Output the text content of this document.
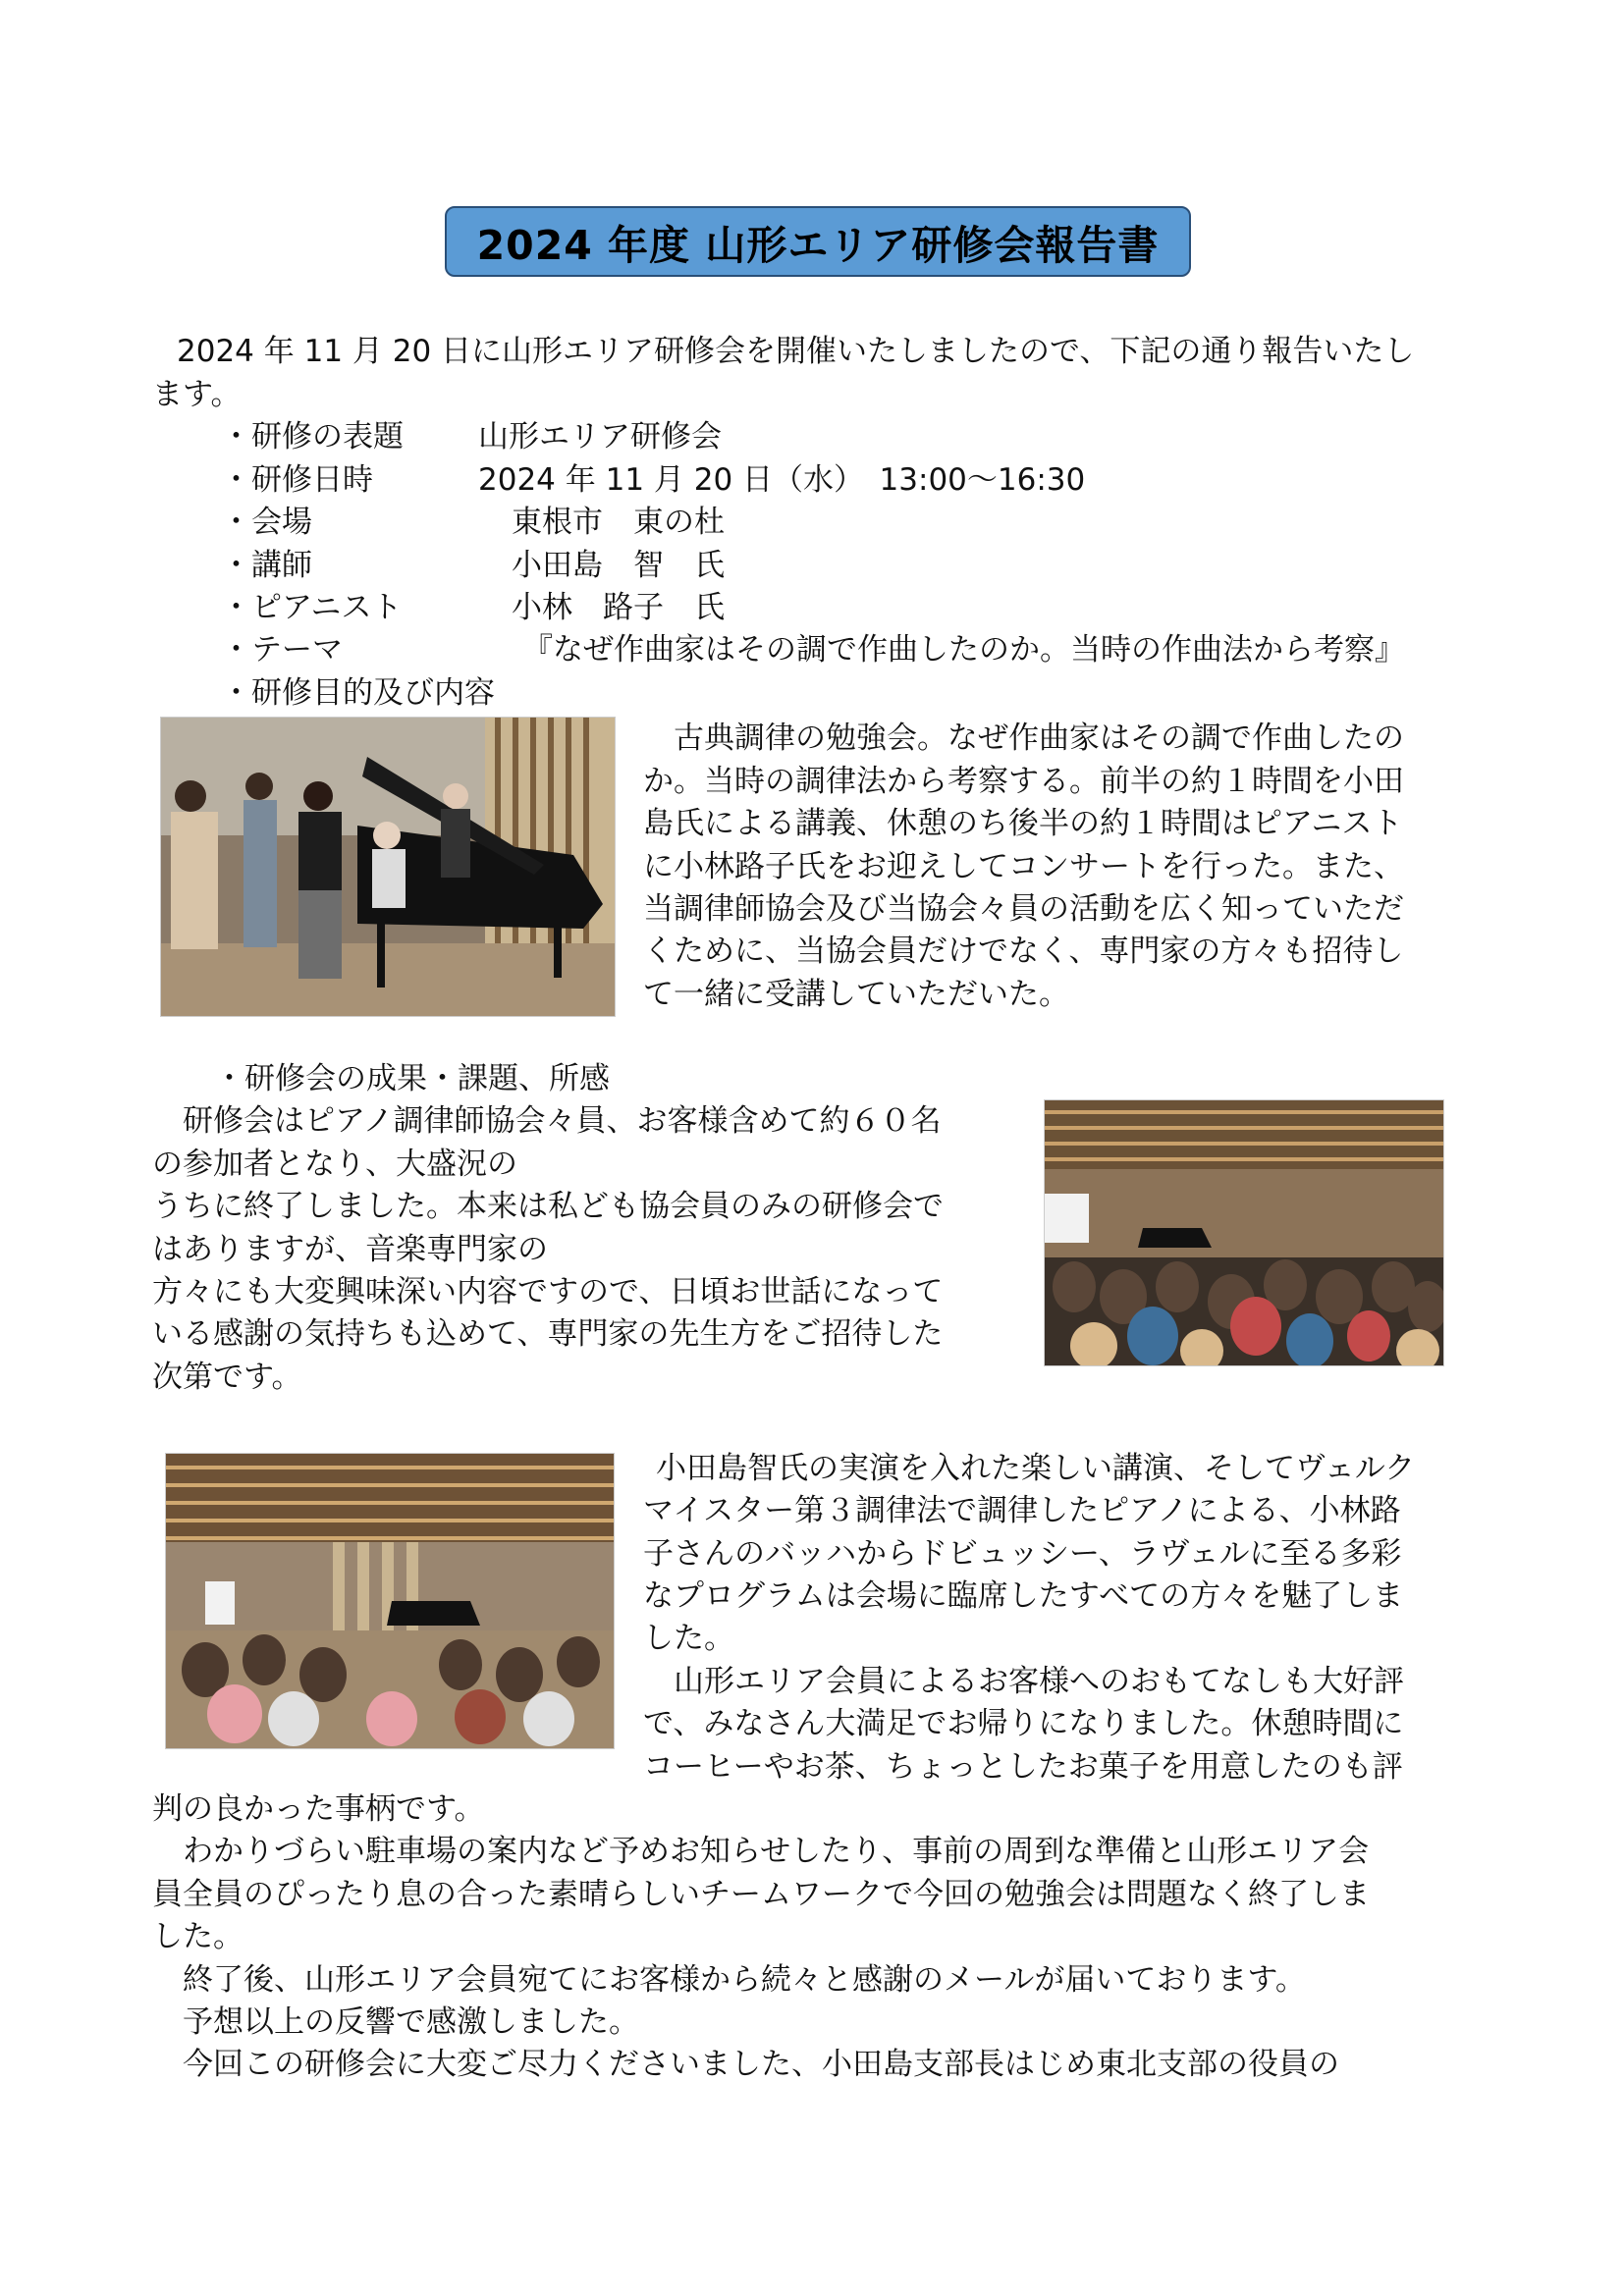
2024 年度 山形エリア研修会報告書
2024 年 11 月 20 日に山形エリア研修会を開催いたしましたので、下記の通り報告いたし
ます。
・研修の表題 山形エリア研修会
・研修日時	2024 年 11 月 20 日（水）　13:00～16:30
・会場	東根市　東の杜
・講師	小田島　智　氏
・ピアニスト	小林　路子　氏
・テーマ	『なぜ作曲家はその調で作曲したのか。当時の作曲法から考察』
・研修目的及び内容
古典調律の勉強会。なぜ作曲家はその調で作曲したの
か。当時の調律法から考察する。前半の約１時間を小田
島氏による講義、休憩のち後半の約１時間はピアニスト
に小林路子氏をお迎えしてコンサートを行った。また、
当調律師協会及び当協会々員の活動を広く知っていただ
くために、当協会員だけでなく、専門家の方々も招待し
て一緒に受講していただいた。
・研修会の成果・課題、所感
研修会はピアノ調律師協会々員、お客様含めて約６０名
の参加者となり、大盛況の
うちに終了しました。本来は私ども協会員のみの研修会で
はありますが、音楽専門家の
方々にも大変興味深い内容ですので、日頃お世話になって
いる感謝の気持ちも込めて、専門家の先生方をご招待した
次第です。
小田島智氏の実演を入れた楽しい講演、そしてヴェルク
マイスター第３調律法で調律したピアノによる、小林路
子さんのバッハからドビュッシー、ラヴェルに至る多彩
なプログラムは会場に臨席したすべての方々を魅了しま
した。
山形エリア会員によるお客様へのおもてなしも大好評
で、みなさん大満足でお帰りになりました。休憩時間に
コーヒーやお茶、ちょっとしたお菓子を用意したのも評
判の良かった事柄です。
わかりづらい駐車場の案内など予めお知らせしたり、事前の周到な準備と山形エリア会
員全員のぴったり息の合った素晴らしいチームワークで今回の勉強会は問題なく終了しま
した。
終了後、山形エリア会員宛てにお客様から続々と感謝のメールが届いております。
予想以上の反響で感激しました。
今回この研修会に大変ご尽力くださいました、小田島支部長はじめ東北支部の役員の
